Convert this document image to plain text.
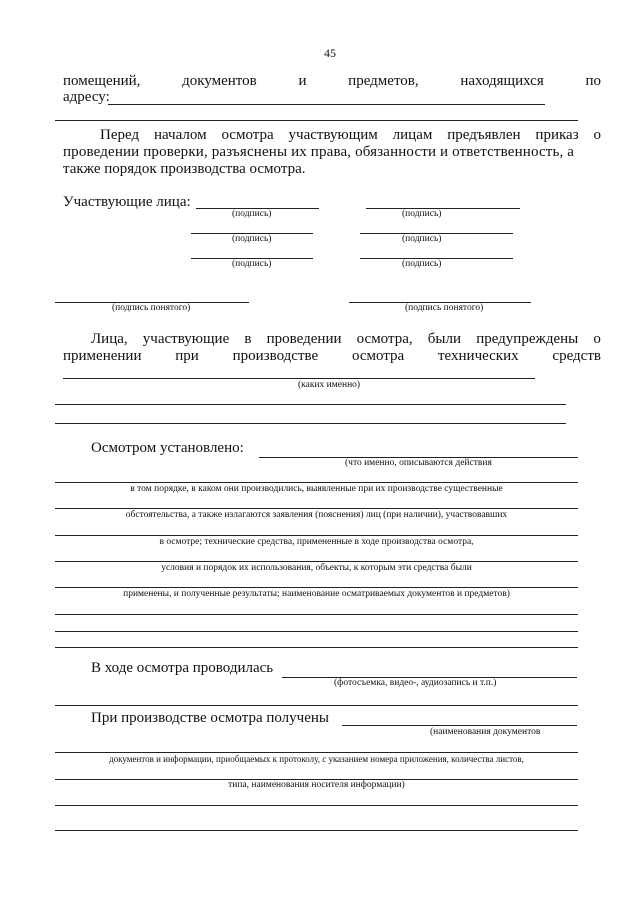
45
помещений,	документов	и	предметов,	находящихся	по
адресу:
Перед началом осмотра участвующим лицам предъявлен приказ о
проведении проверки, разъяснены их права, обязанности и ответственность, а
также порядок производства осмотра.
Участвующие лица:
(подпись)	(подпись)
(подпись)	(подпись)
(подпись)	(подпись)
(подпись понятого)	(подпись понятого)
Лица, участвующие в проведении осмотра, были предупреждены о
применении при производстве осмотра технических средств
(каких именно)
Осмотром установлено:
(что именно, описываются действия
в том порядке, в каком они производились, выявленные при их производстве существенные
обстоятельства, а также излагаются заявления (пояснения) лиц (при наличии), участвовавших
в осмотре; технические средства, примененные в ходе производства осмотра,
условия и порядок их использования, объекты, к которым эти средства были
применены, и полученные результаты; наименование осматриваемых документов и предметов)
В ходе осмотра проводилась
(фотосъемка, видео-, аудиозапись и т.п.)
При производстве осмотра получены
(наименования документов
документов и информации, приобщаемых к протоколу, с указанием номера приложения, количества листов,
типа, наименования носителя информации)
